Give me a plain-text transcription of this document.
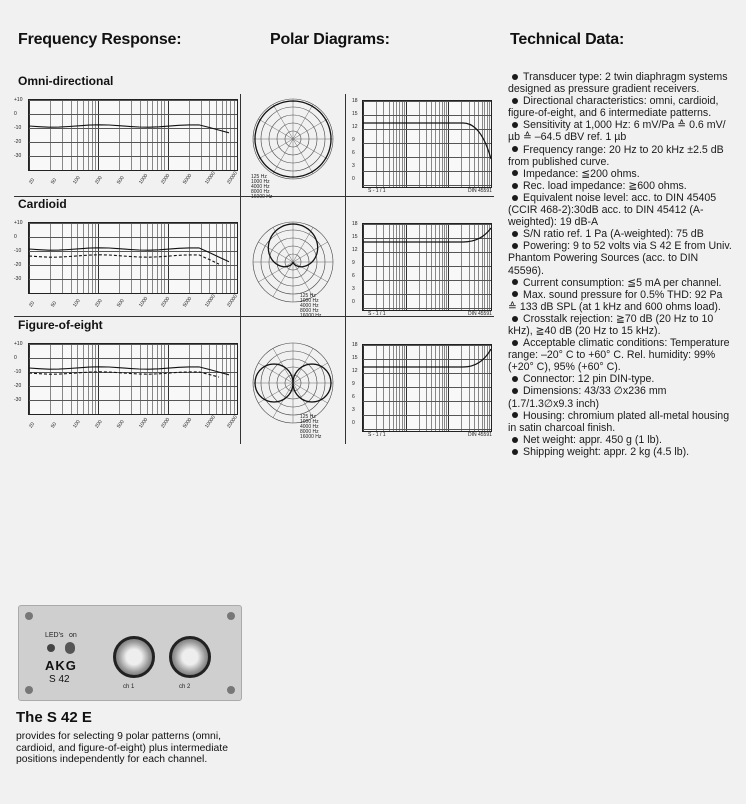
Frequency Response:	Polar Diagrams:	Technical Data:
Omni-directional
+10
0
-10
-20
-30
20	50	100 200 500 1000 2000 5000 10000 20000 125 Hz
1000 Hz
4000 Hz
8000 Hz
16000 Hz
18
15
12
9
6
3
0
S - 1 / 1	DIN 45591
Cardioid
+10
0
-10
-20
-30
20	50	100 200 500 1000 2000 5000 10000 20000	125 Hz
1000 Hz
4000 Hz
8000 Hz
16000 Hz
18
15
12
9
6
3
0
S - 1 / 1	DIN 45591
Figure-of-eight
+10
0
-10
-20
-30
20	50	100 200 500 1000 2000 5000 10000 20000	125 Hz
1000 Hz
4000 Hz
8000 Hz
16000 Hz
18
15
12
9
6
3
0
S - 1 / 1	DIN 45591

Transducer type: 2 twin diaphragm systems designed as pressure gradient receivers.

Directional characteristics: omni, cardioid, figure-of-eight, and 6 intermediate patterns.

Sensitivity at 1,000 Hz: 6 mV/Pa ≙ 0.6 mV/µb ≙ –64.5 dBV ref. 1 µb

Frequency range: 20 Hz to 20 kHz ±2.5 dB from published curve.

Impedance: ≦200 ohms.

Rec. load impedance: ≧600 ohms.

Equivalent noise level: acc. to DIN 45405 (CCIR 468-2):30dB acc. to DIN 45412 (A-weighted): 19 dB-A

S/N ratio ref. 1 Pa (A-weighted): 75 dB

Powering: 9 to 52 volts via S 42 E from Univ. Phantom Powering Sources (acc. to DIN 45596).

Current consumption: ≦5 mA per channel.

Max. sound pressure for 0.5% THD: 92 Pa ≙ 133 dB SPL (at 1 kHz and 600 ohms load).

Crosstalk rejection: ≧70 dB (20 Hz to 10 kHz), ≧40 dB (20 Hz to 15 kHz).

Acceptable climatic conditions: Temperature range: –20° C to +60° C. Rel. humidity: 99% (+20° C), 95% (+60° C).

Connector: 12 pin DIN-type.

Dimensions: 43/33 ∅x236 mm (1.7/1.3∅x9.3 inch)

Housing: chromium plated all-metal housing in satin charcoal finish.

Net weight: appr. 450 g (1 lb).

Shipping weight: appr. 2 kg (4.5 lb).

LED's on
AKG
S 42
ch 1	ch 2
The S 42 E
provides for selecting 9 polar patterns (omni, cardioid, and figure-of-eight) plus intermediate positions independently for each channel.
